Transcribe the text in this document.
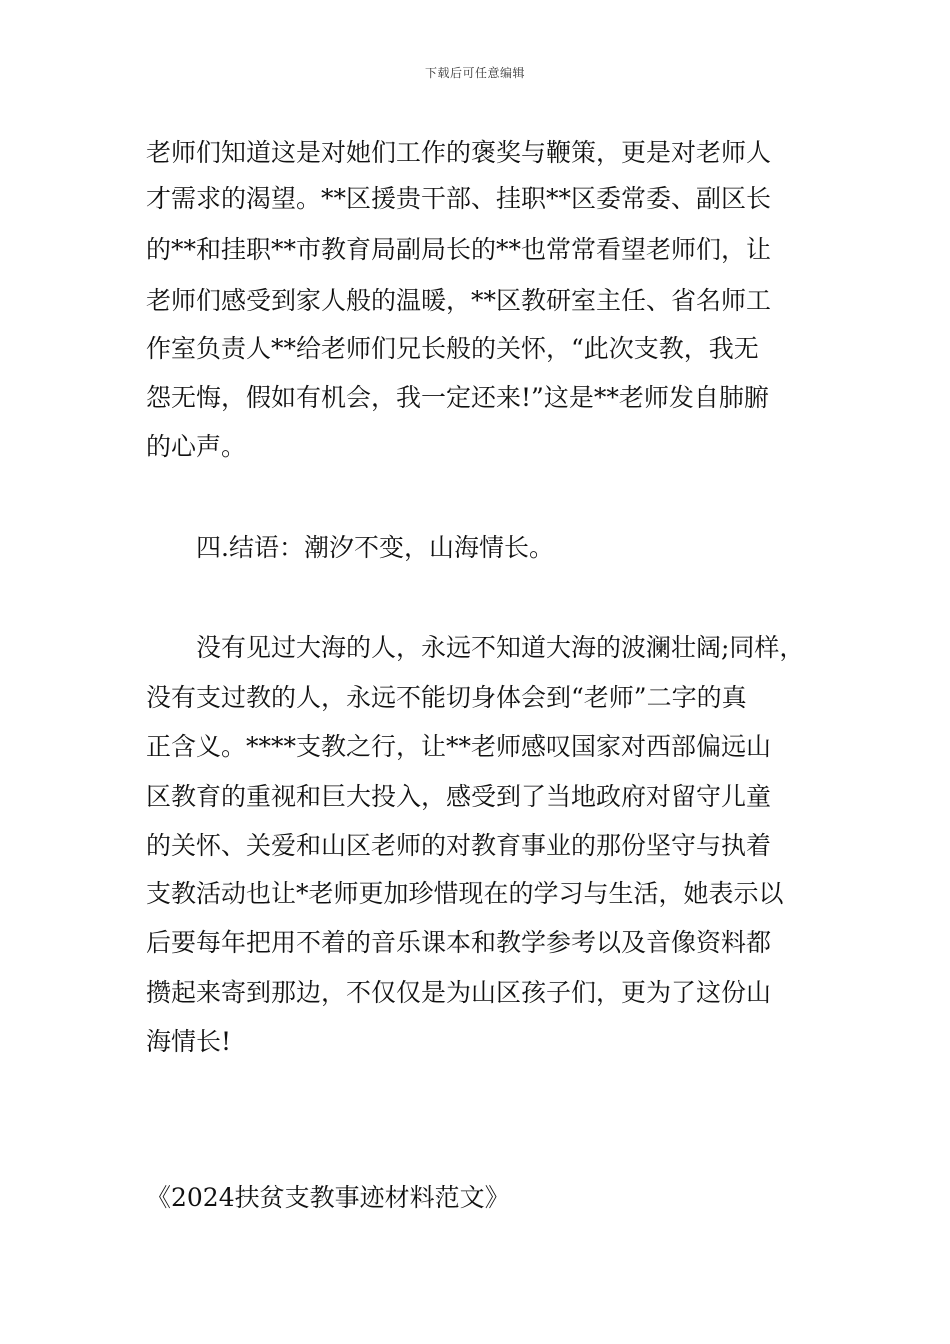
下载后可任意编辑
老师们知道这是对她们工作的褒奖与鞭策，更是对老师人
才需求的渴望。**区援贵干部、挂职**区委常委、副区长
的**和挂职**市教育局副局长的**也常常看望老师们，让
老师们感受到家人般的温暖，**区教研室主任、省名师工
作室负责人**给老师们兄长般的关怀，“此次支教，我无
怨无悔，假如有机会，我一定还来!”这是**老师发自肺腑
的心声。
四.结语：潮汐不变，山海情长。
没有见过大海的人，永远不知道大海的波澜壮阔;同样，
没有支过教的人，永远不能切身体会到“老师”二字的真
正含义。****支教之行，让**老师感叹国家对西部偏远山
区教育的重视和巨大投入，感受到了当地政府对留守儿童
的关怀、关爱和山区老师的对教育事业的那份坚守与执着
支教活动也让*老师更加珍惜现在的学习与生活，她表示以
后要每年把用不着的音乐课本和教学参考以及音像资料都
攒起来寄到那边，不仅仅是为山区孩子们，更为了这份山
海情长!
《2024扶贫支教事迹材料范文》
